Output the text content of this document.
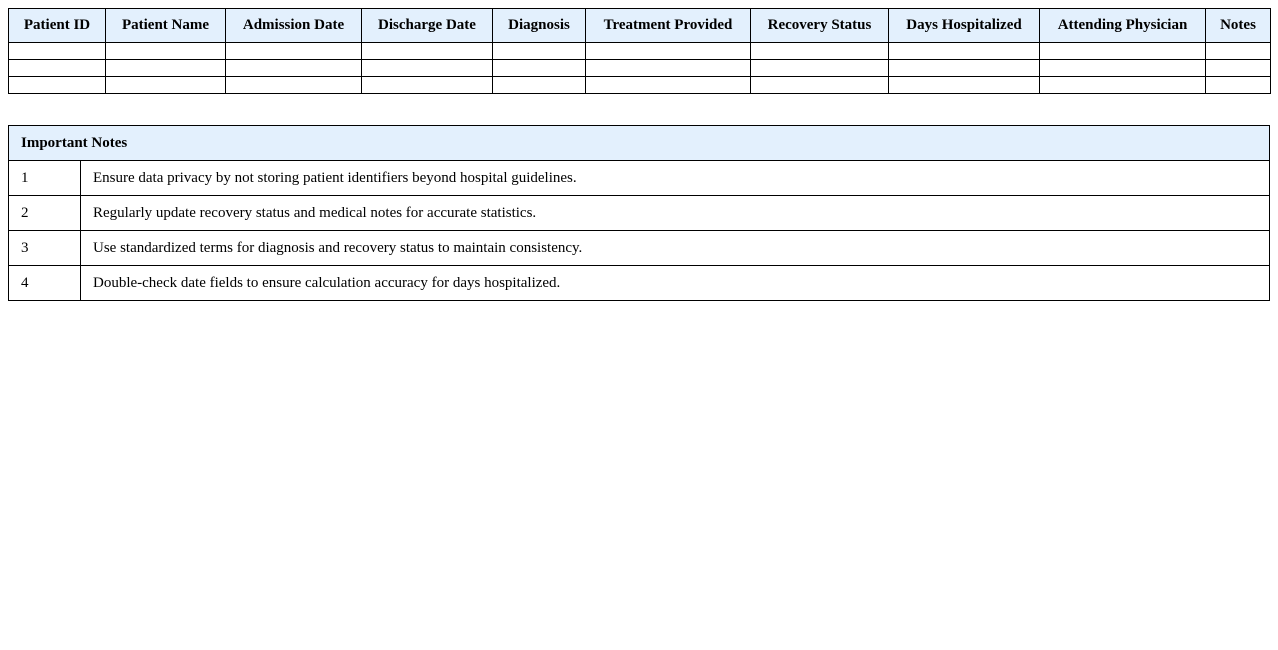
Patient ID	Patient Name	Admission Date	Discharge Date	Diagnosis	Treatment Provided	Recovery Status	Days Hospitalized	Attending Physician	Notes

Important Notes	
1	Ensure data privacy by not storing patient identifiers beyond hospital guidelines.
2	Regularly update recovery status and medical notes for accurate statistics.
3	Use standardized terms for diagnosis and recovery status to maintain consistency.
4	Double-check date fields to ensure calculation accuracy for days hospitalized.
